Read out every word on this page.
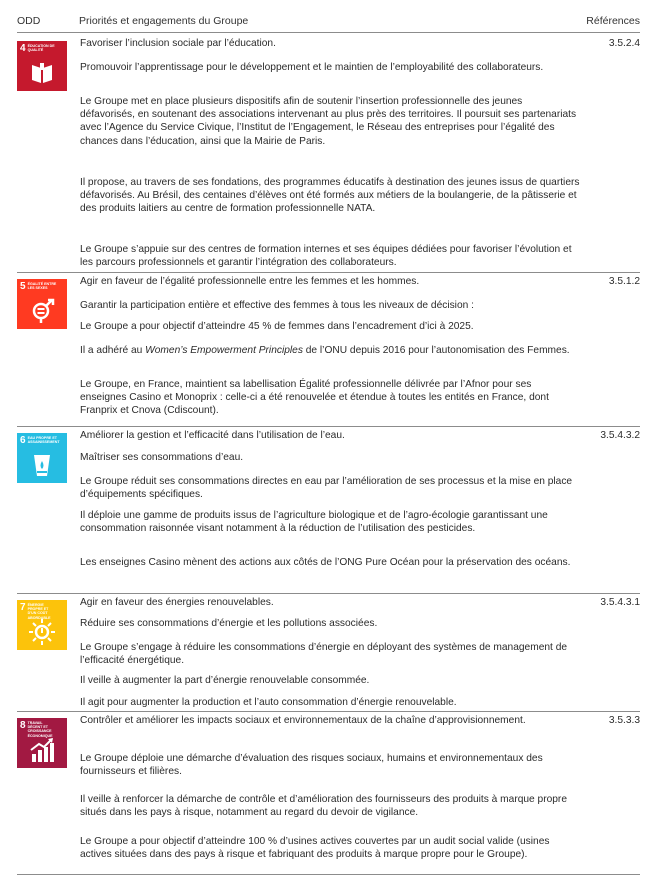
ODD	Priorités et engagements du Groupe	Références
4 ÉDUCATION DE QUALITÉ

Favoriser l’inclusion sociale par l’éducation.

Promouvoir l’apprentissage pour le développement et le maintien de l’employabilité des collaborateurs.

Le Groupe met en place plusieurs dispositifs afin de soutenir l’insertion professionnelle des jeunes défavorisés, en soutenant des associations intervenant au plus près des territoires. Il poursuit ses partenariats avec l’Agence du Service Civique, l’Institut de l’Engagement, le Réseau des entreprises pour l’égalité des chances dans l’éducation, ainsi que la Mairie de Paris.

Il propose, au travers de ses fondations, des programmes éducatifs à destination des jeunes issus de quartiers défavorisés. Au Brésil, des centaines d’élèves ont été formés aux métiers de la boulangerie, de la pâtisserie et des produits laitiers au centre de formation professionnelle NATA.

Le Groupe s’appuie sur des centres de formation internes et ses équipes dédiées pour favoriser l’évolution et les parcours professionnels et garantir l’intégration des collaborateurs.

3.5.2.4
5 ÉGALITÉ ENTRE LES SEXES

Agir en faveur de l’égalité professionnelle entre les femmes et les hommes.

Garantir la participation entière et effective des femmes à tous les niveaux de décision :

Le Groupe a pour objectif d’atteindre 45 % de femmes dans l’encadrement d’ici à 2025.

Il a adhéré au Women’s Empowerment Principles de l’ONU depuis 2016 pour l’autonomisation des Femmes.

Le Groupe, en France, maintient sa labellisation Égalité professionnelle délivrée par l’Afnor pour ses enseignes Casino et Monoprix : celle-ci a été renouvelée et étendue à toutes les entités en France, dont Franprix et Cnova (Cdiscount).

3.5.1.2
6 EAU PROPRE ET ASSAINISSEMENT

Améliorer la gestion et l’efficacité dans l’utilisation de l’eau.

Maîtriser ses consommations d’eau.

Le Groupe réduit ses consommations directes en eau par l’amélioration de ses processus et la mise en place d’équipements spécifiques.

Il déploie une gamme de produits issus de l’agriculture biologique et de l’agro-écologie garantissant une consommation raisonnée visant notamment à la réduction de l’utilisation des pesticides.

Les enseignes Casino mènent des actions aux côtés de l’ONG Pure Océan pour la préservation des océans.

3.5.4.3.2
7 ÉNERGIE PROPRE ET D’UN COÛT ABORDABLE

Agir en faveur des énergies renouvelables.

Réduire ses consommations d’énergie et les pollutions associées.

Le Groupe s’engage à réduire les consommations d’énergie en déployant des systèmes de management de l’efficacité énergétique.

Il veille à augmenter la part d’énergie renouvelable consommée.

Il agit pour augmenter la production et l’auto consommation d’énergie renouvelable.

3.5.4.3.1
8 TRAVAIL DÉCENT ET CROISSANCE ÉCONOMIQUE

Contrôler et améliorer les impacts sociaux et environnementaux de la chaîne d’approvisionnement.

Le Groupe déploie une démarche d’évaluation des risques sociaux, humains et environnementaux des fournisseurs et filières.

Il veille à renforcer la démarche de contrôle et d’amélioration des fournisseurs des produits à marque propre situés dans les pays à risque, notamment au regard du devoir de vigilance.

Le Groupe a pour objectif d’atteindre 100 % d’usines actives couvertes par un audit social valide (usines actives situées dans des pays à risque et fabriquant des produits à marque propre pour le Groupe).

3.5.3.3
